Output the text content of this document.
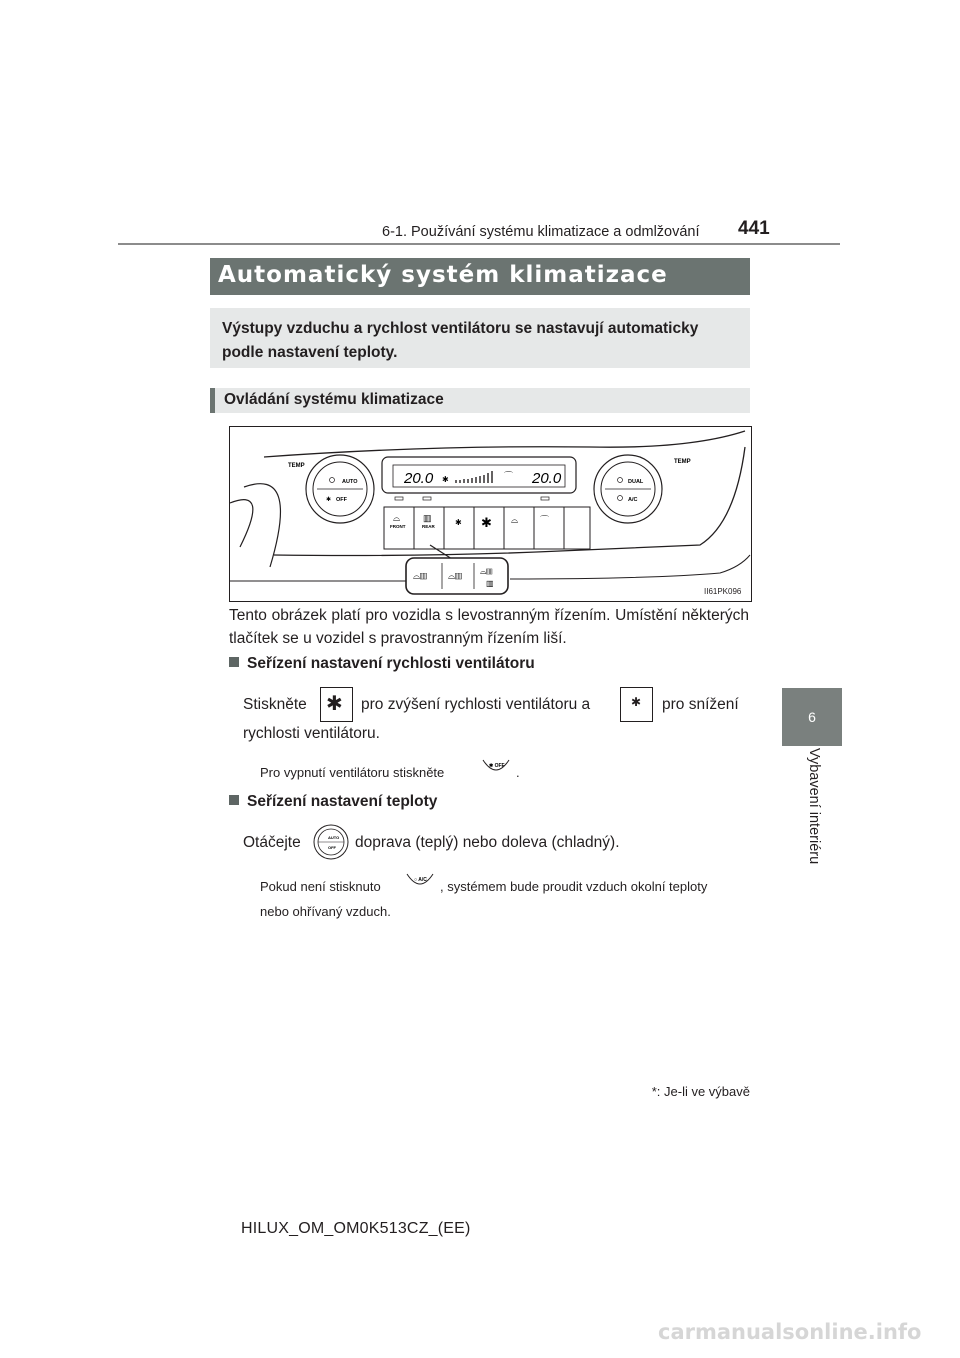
6-1. Používání systému klimatizace a odmlžování 441
6
Vybavení interiéru
Automatický systém klimatizace	*
Výstupy vzduchu a rychlost ventilátoru se nastavují automaticky podle nastavení teploty.
Ovládání systému klimatizace
TEMP
AUTO
OFF
✱
20.0	20.0
✱	⌒
⌓
FRONT
▥
REAR	✱ ✱ ⌓ ⌒
TEMP
DUAL
A/C
⌓▥ ⌓▥ ⌓▥
▥
II61PK096
Tento obrázek platí pro vozidla s levostranným řízením. Umístění některých tlačítek se u vozidel s pravostranným řízením liší.
Seřízení nastavení rychlosti ventilátoru
Stiskněte ✱ pro zvýšení rychlosti ventilátoru a	✱ pro snížení
rychlosti ventilátoru.
Pro vypnutí ventilátoru stiskněte	✱ OFF .
Seřízení nastavení teploty
Otáčejte	AUTO
OFF doprava (teplý) nebo doleva (chladný).
Pokud není stisknuto	○ A/C , systémem bude proudit vzduch okolní teploty
nebo ohřívaný vzduch.
*: Je-li ve výbavě
HILUX_OM_OM0K513CZ_(EE)
carmanualsonline.info
